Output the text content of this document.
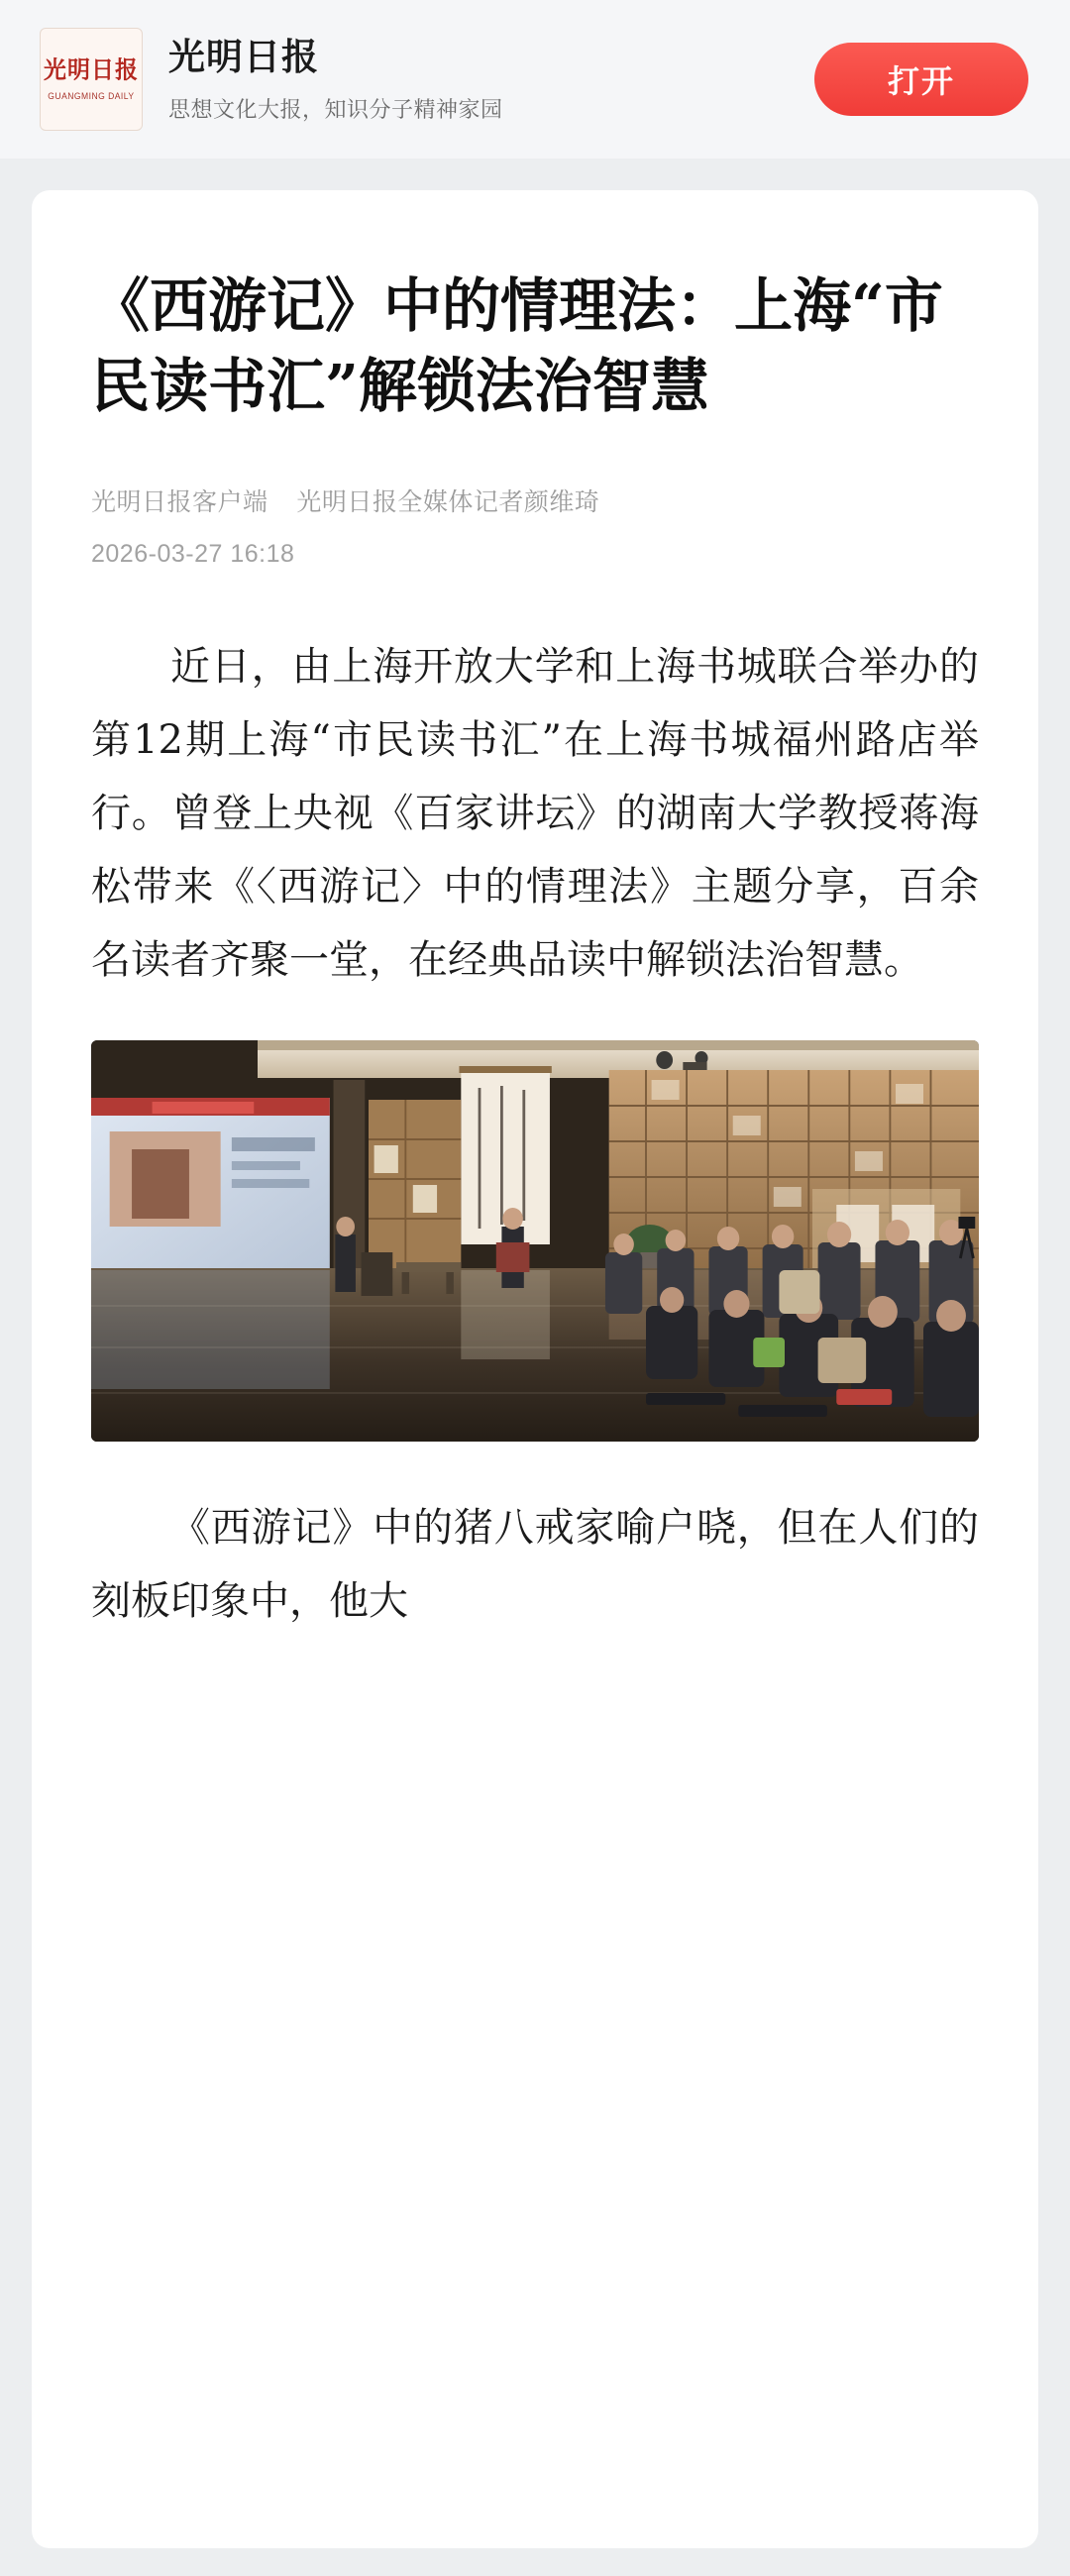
光明日报
GUANGMING DAILY
光明日报
思想文化大报，知识分子精神家园
打开
《西游记》中的情理法：上海“市民读书汇”解锁法治智慧
光明日报客户端 光明日报全媒体记者颜维琦
2026-03-27 16:18

近日，由上海开放大学和上海书城联合举办的第12期上海“市民读书汇”在上海书城福州路店举行。曾登上央视《百家讲坛》的湖南大学教授蒋海松带来《〈西游记〉中的情理法》主题分享，百余名读者齐聚一堂，在经典品读中解锁法治智慧。

《西游记》中的猪八戒家喻户晓，但在人们的刻板印象中，他大
